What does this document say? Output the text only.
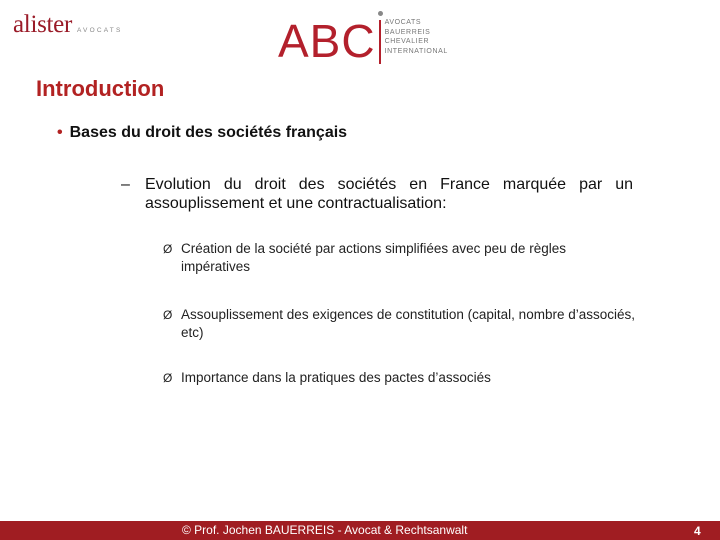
alister AVOCATS	ABC AVOCATS
BAUERREIS
CHEVALIER
INTERNATIONAL
Introduction
• Bases du droit des sociétés français
– Evolution du droit des sociétés en France marquée par un assouplissement et une contractualisation:
Ø Création de la société par actions simplifiées avec peu de règles impératives
Ø Assouplissement des exigences de constitution (capital, nombre d’associés, etc)
Ø Importance dans la pratiques des pactes d’associés
© Prof. Jochen BAUERREIS - Avocat & Rechtsanwalt	4
